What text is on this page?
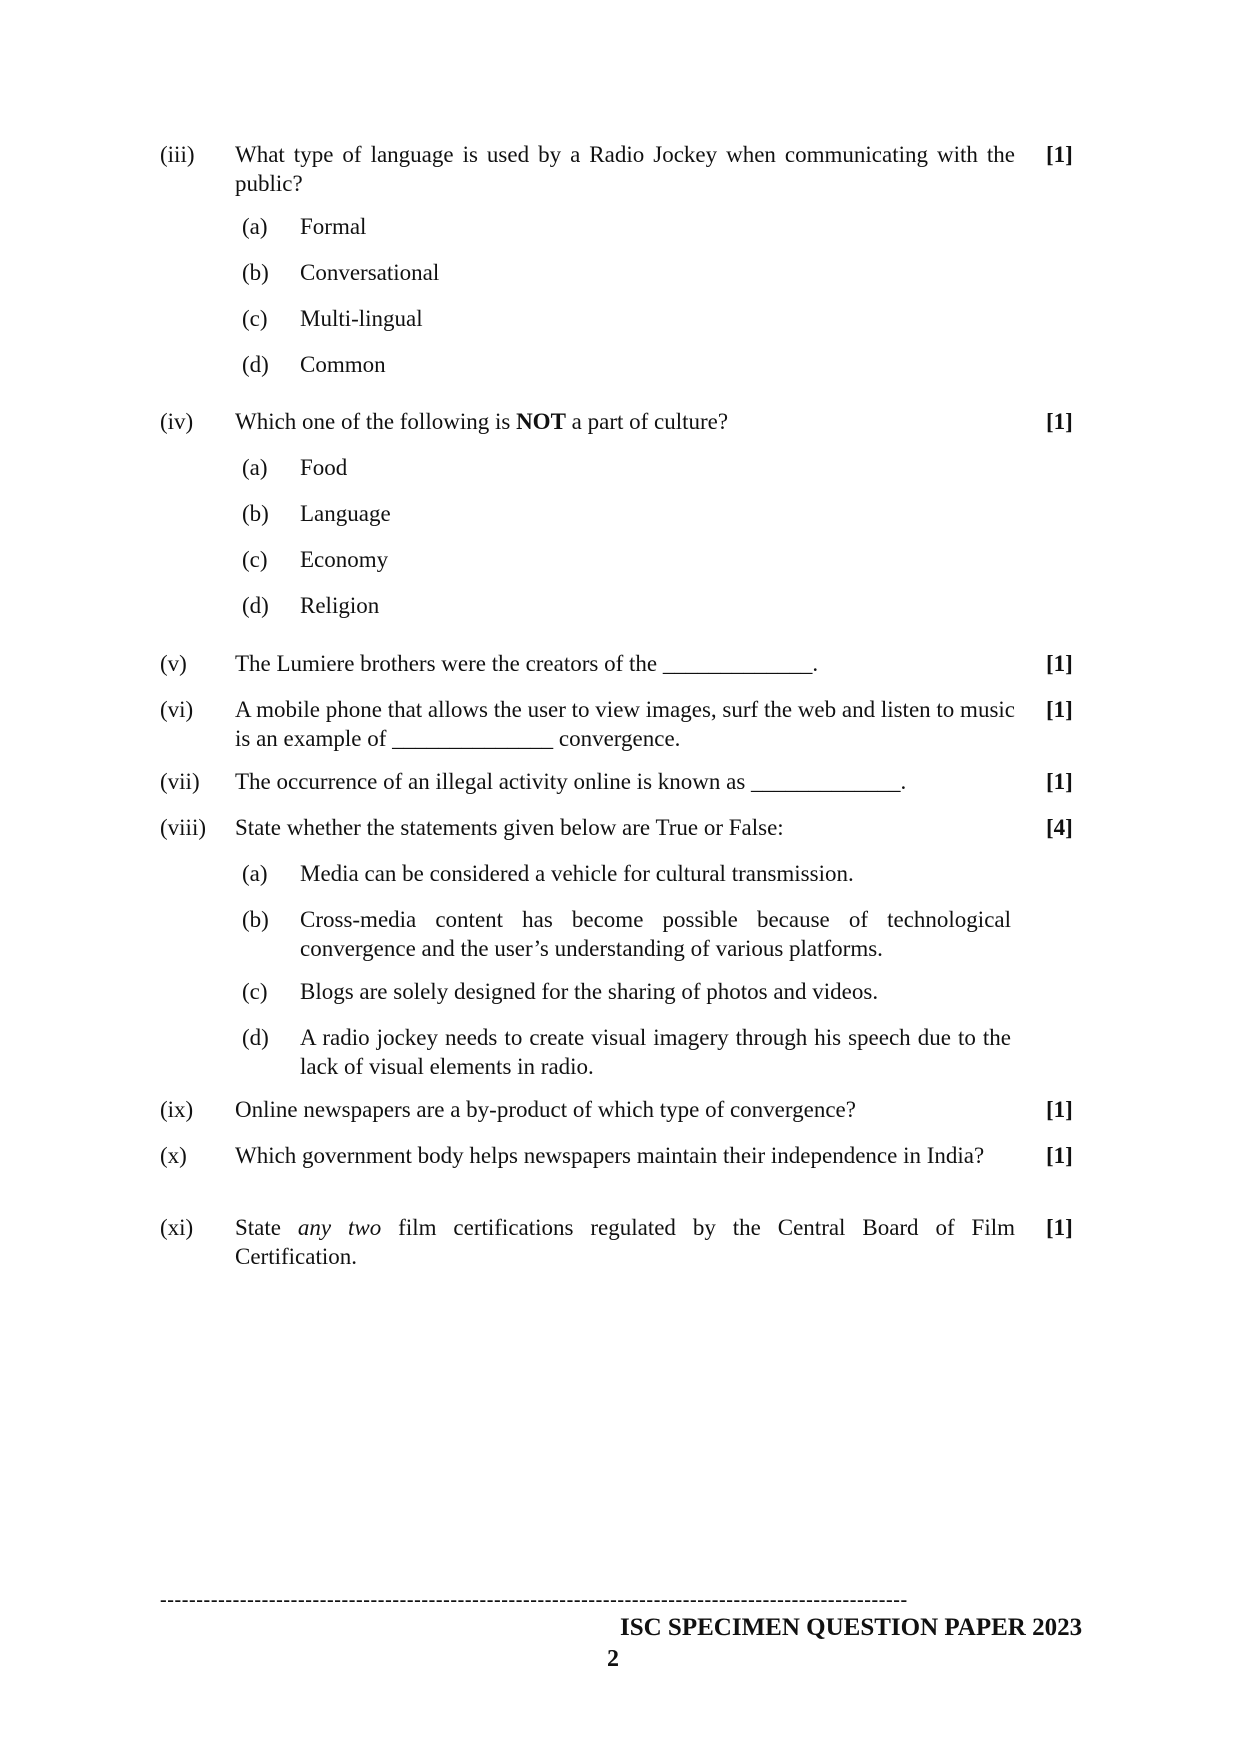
(iii) What type of language is used by a Radio Jockey when communicating with the public?
[1]
(a) Formal
(b) Conversational
(c) Multi-lingual
(d) Common
(iv) Which one of the following is NOT a part of culture?	[1]
(a) Food
(b) Language
(c) Economy
(d) Religion
(v) The Lumiere brothers were the creators of the _____________.	[1]
(vi) A mobile phone that allows the user to view images, surf the web and listen to music is an example of ______________ convergence.
[1]
(vii) The occurrence of an illegal activity online is known as _____________.	[1]
(viii) State whether the statements given below are True or False:	[4]
(a) Media can be considered a vehicle for cultural transmission.
(b) Cross-media content has become possible because of technological convergence and the user’s understanding of various platforms.
(c) Blogs are solely designed for the sharing of photos and videos.
(d) A radio jockey needs to create visual imagery through his speech due to the lack of visual elements in radio.
(ix) Online newspapers are a by-product of which type of convergence?	[1]
(x) Which government body helps newspapers maintain their independence in India?	[1]
(xi) State any two film certifications regulated by the Central Board of Film Certification.
[1]
-------------------------------------------------------------------------------------------------------
ISC SPECIMEN QUESTION PAPER 2023
2
